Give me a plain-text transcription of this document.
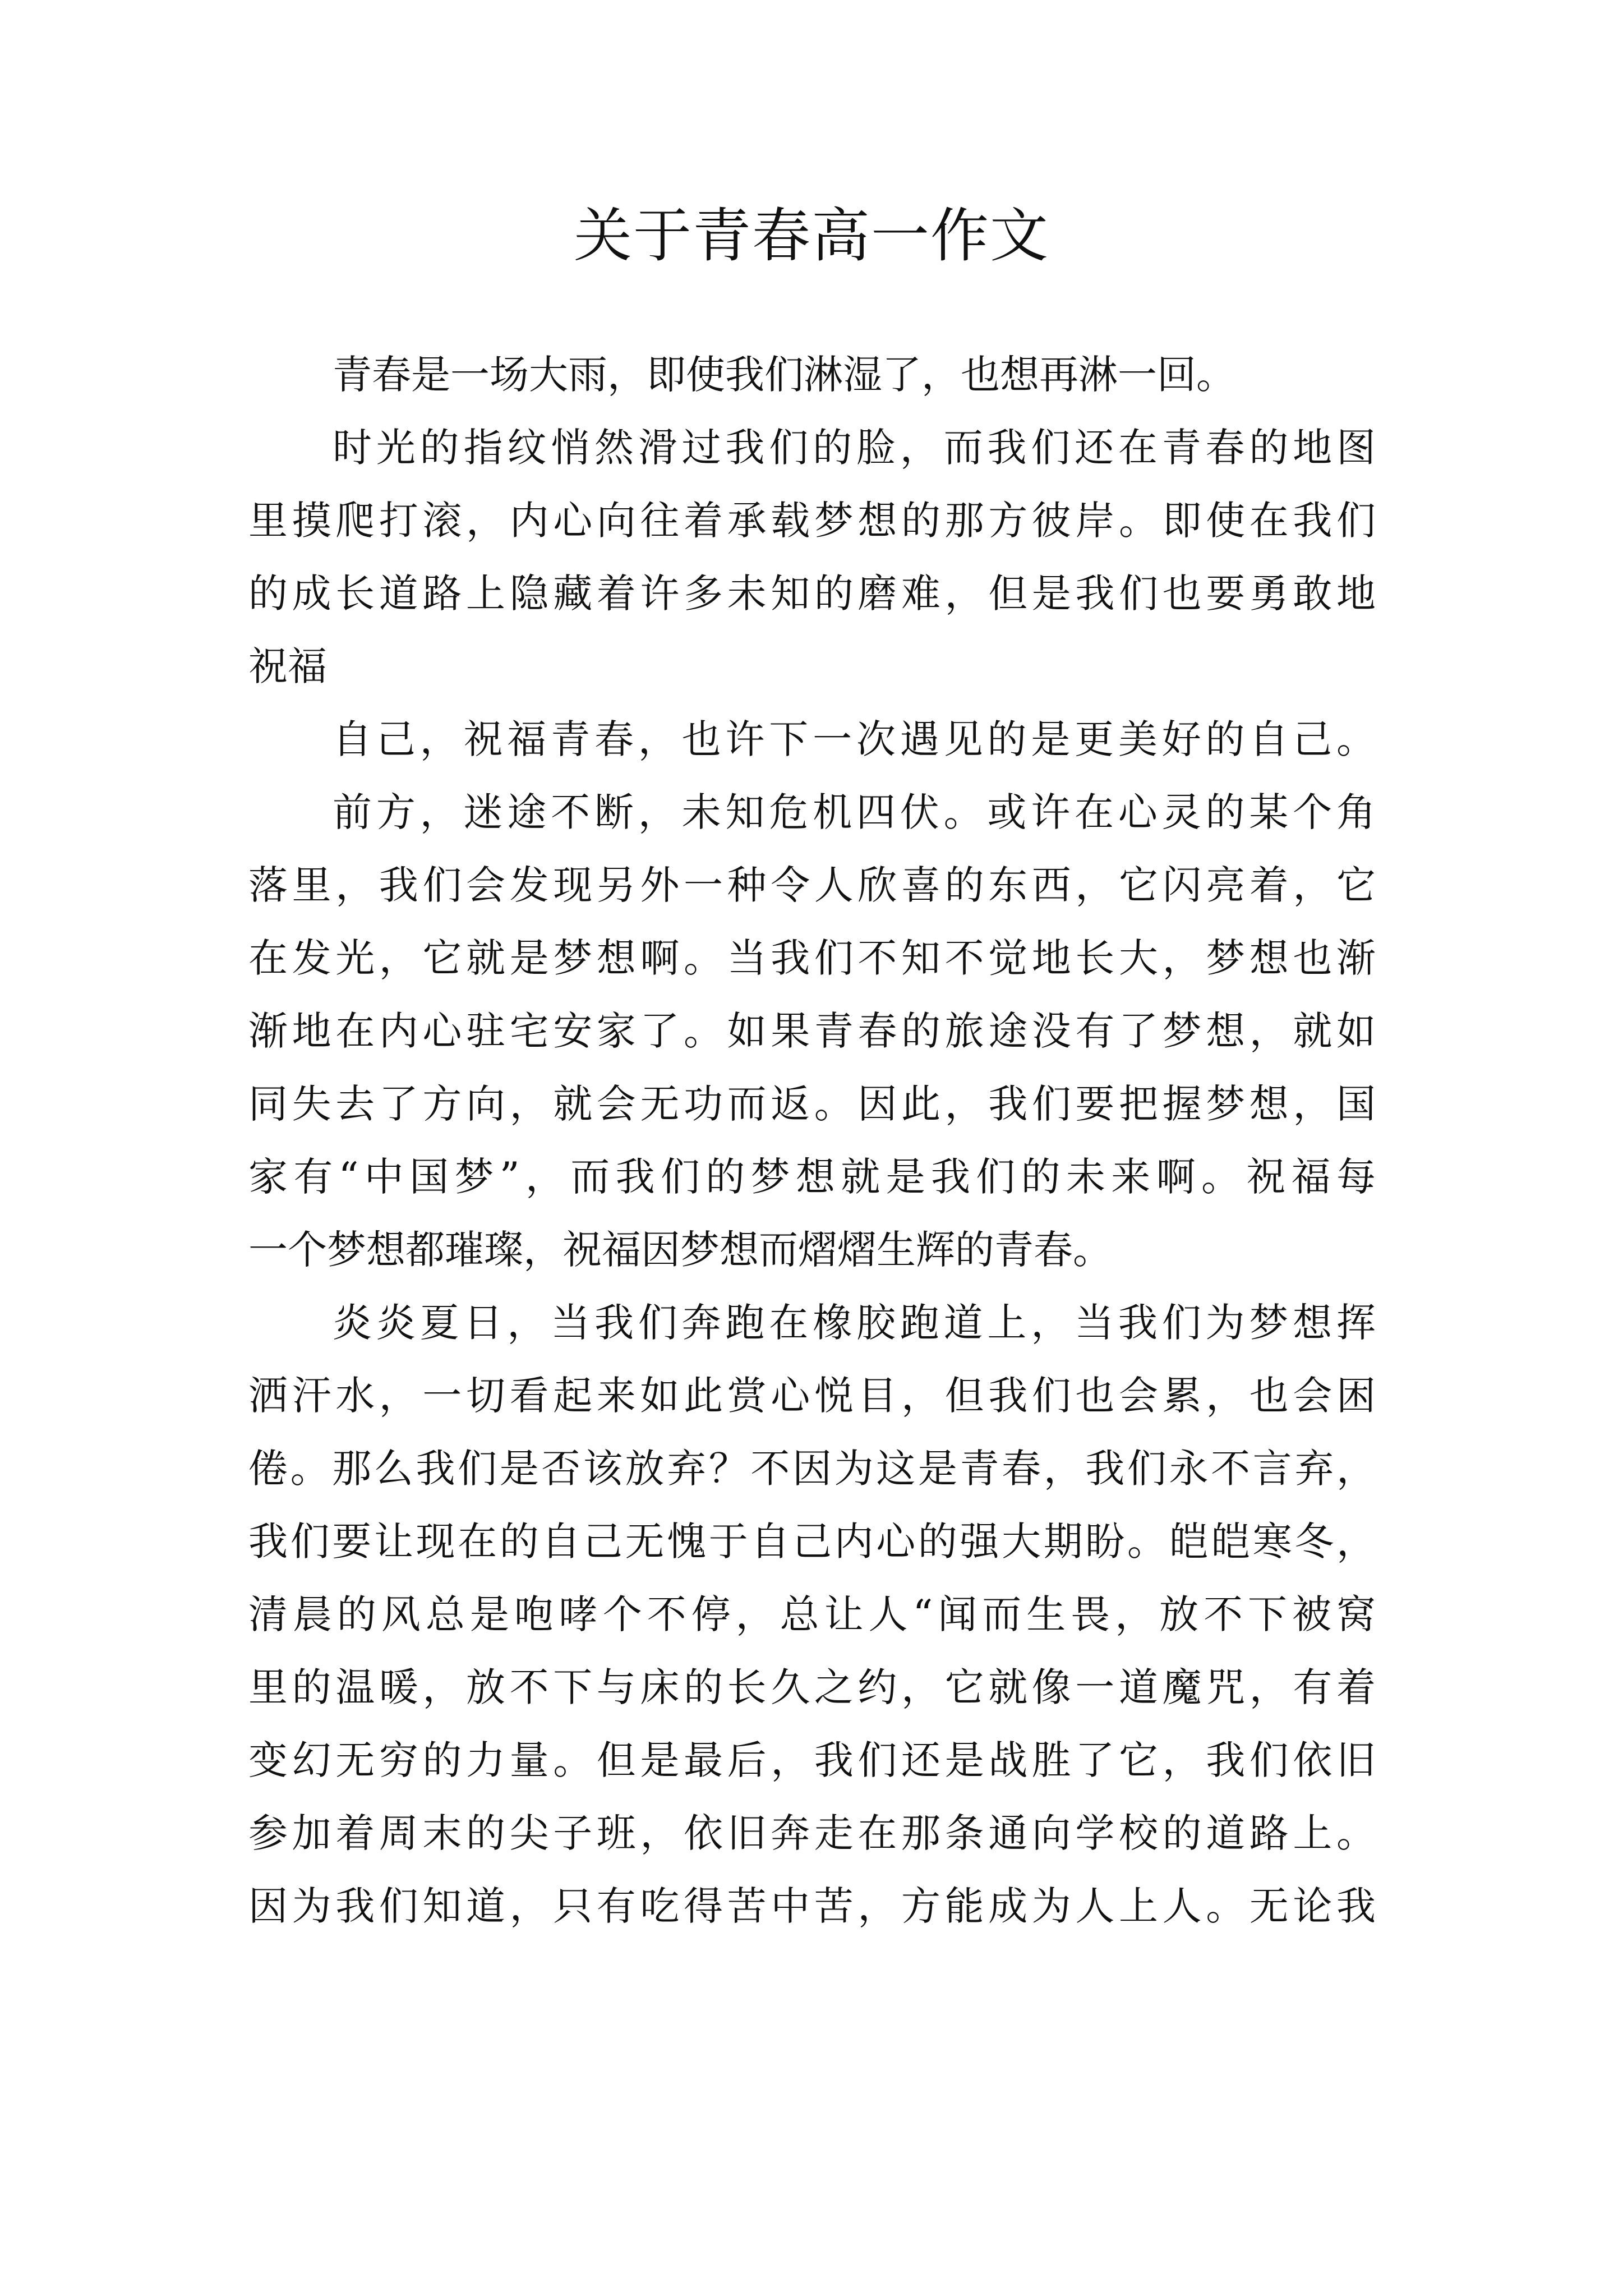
关于青春高一作文
青春是一场大雨，即使我们淋湿了，也想再淋一回。
时光的指纹悄然滑过我们的脸，而我们还在青春的地图
里摸爬打滚，内心向往着承载梦想的那方彼岸。即使在我们
的成长道路上隐藏着许多未知的磨难，但是我们也要勇敢地
祝福
自己，祝福青春，也许下一次遇见的是更美好的自己。
前方，迷途不断，未知危机四伏。或许在心灵的某个角
落里，我们会发现另外一种令人欣喜的东西，它闪亮着，它
在发光，它就是梦想啊。当我们不知不觉地长大，梦想也渐
渐地在内心驻宅安家了。如果青春的旅途没有了梦想，就如
同失去了方向，就会无功而返。因此，我们要把握梦想，国
家有“中国梦”，而我们的梦想就是我们的未来啊。祝福每
一个梦想都璀璨，祝福因梦想而熠熠生辉的青春。
炎炎夏日，当我们奔跑在橡胶跑道上，当我们为梦想挥
洒汗水，一切看起来如此赏心悦目，但我们也会累，也会困
倦。那么我们是否该放弃？不因为这是青春，我们永不言弃，
我们要让现在的自己无愧于自己内心的强大期盼。皑皑寒冬，
清晨的风总是咆哮个不停，总让人“闻而生畏，放不下被窝
里的温暖，放不下与床的长久之约，它就像一道魔咒，有着
变幻无穷的力量。但是最后，我们还是战胜了它，我们依旧
参加着周末的尖子班，依旧奔走在那条通向学校的道路上。
因为我们知道，只有吃得苦中苦，方能成为人上人。无论我
